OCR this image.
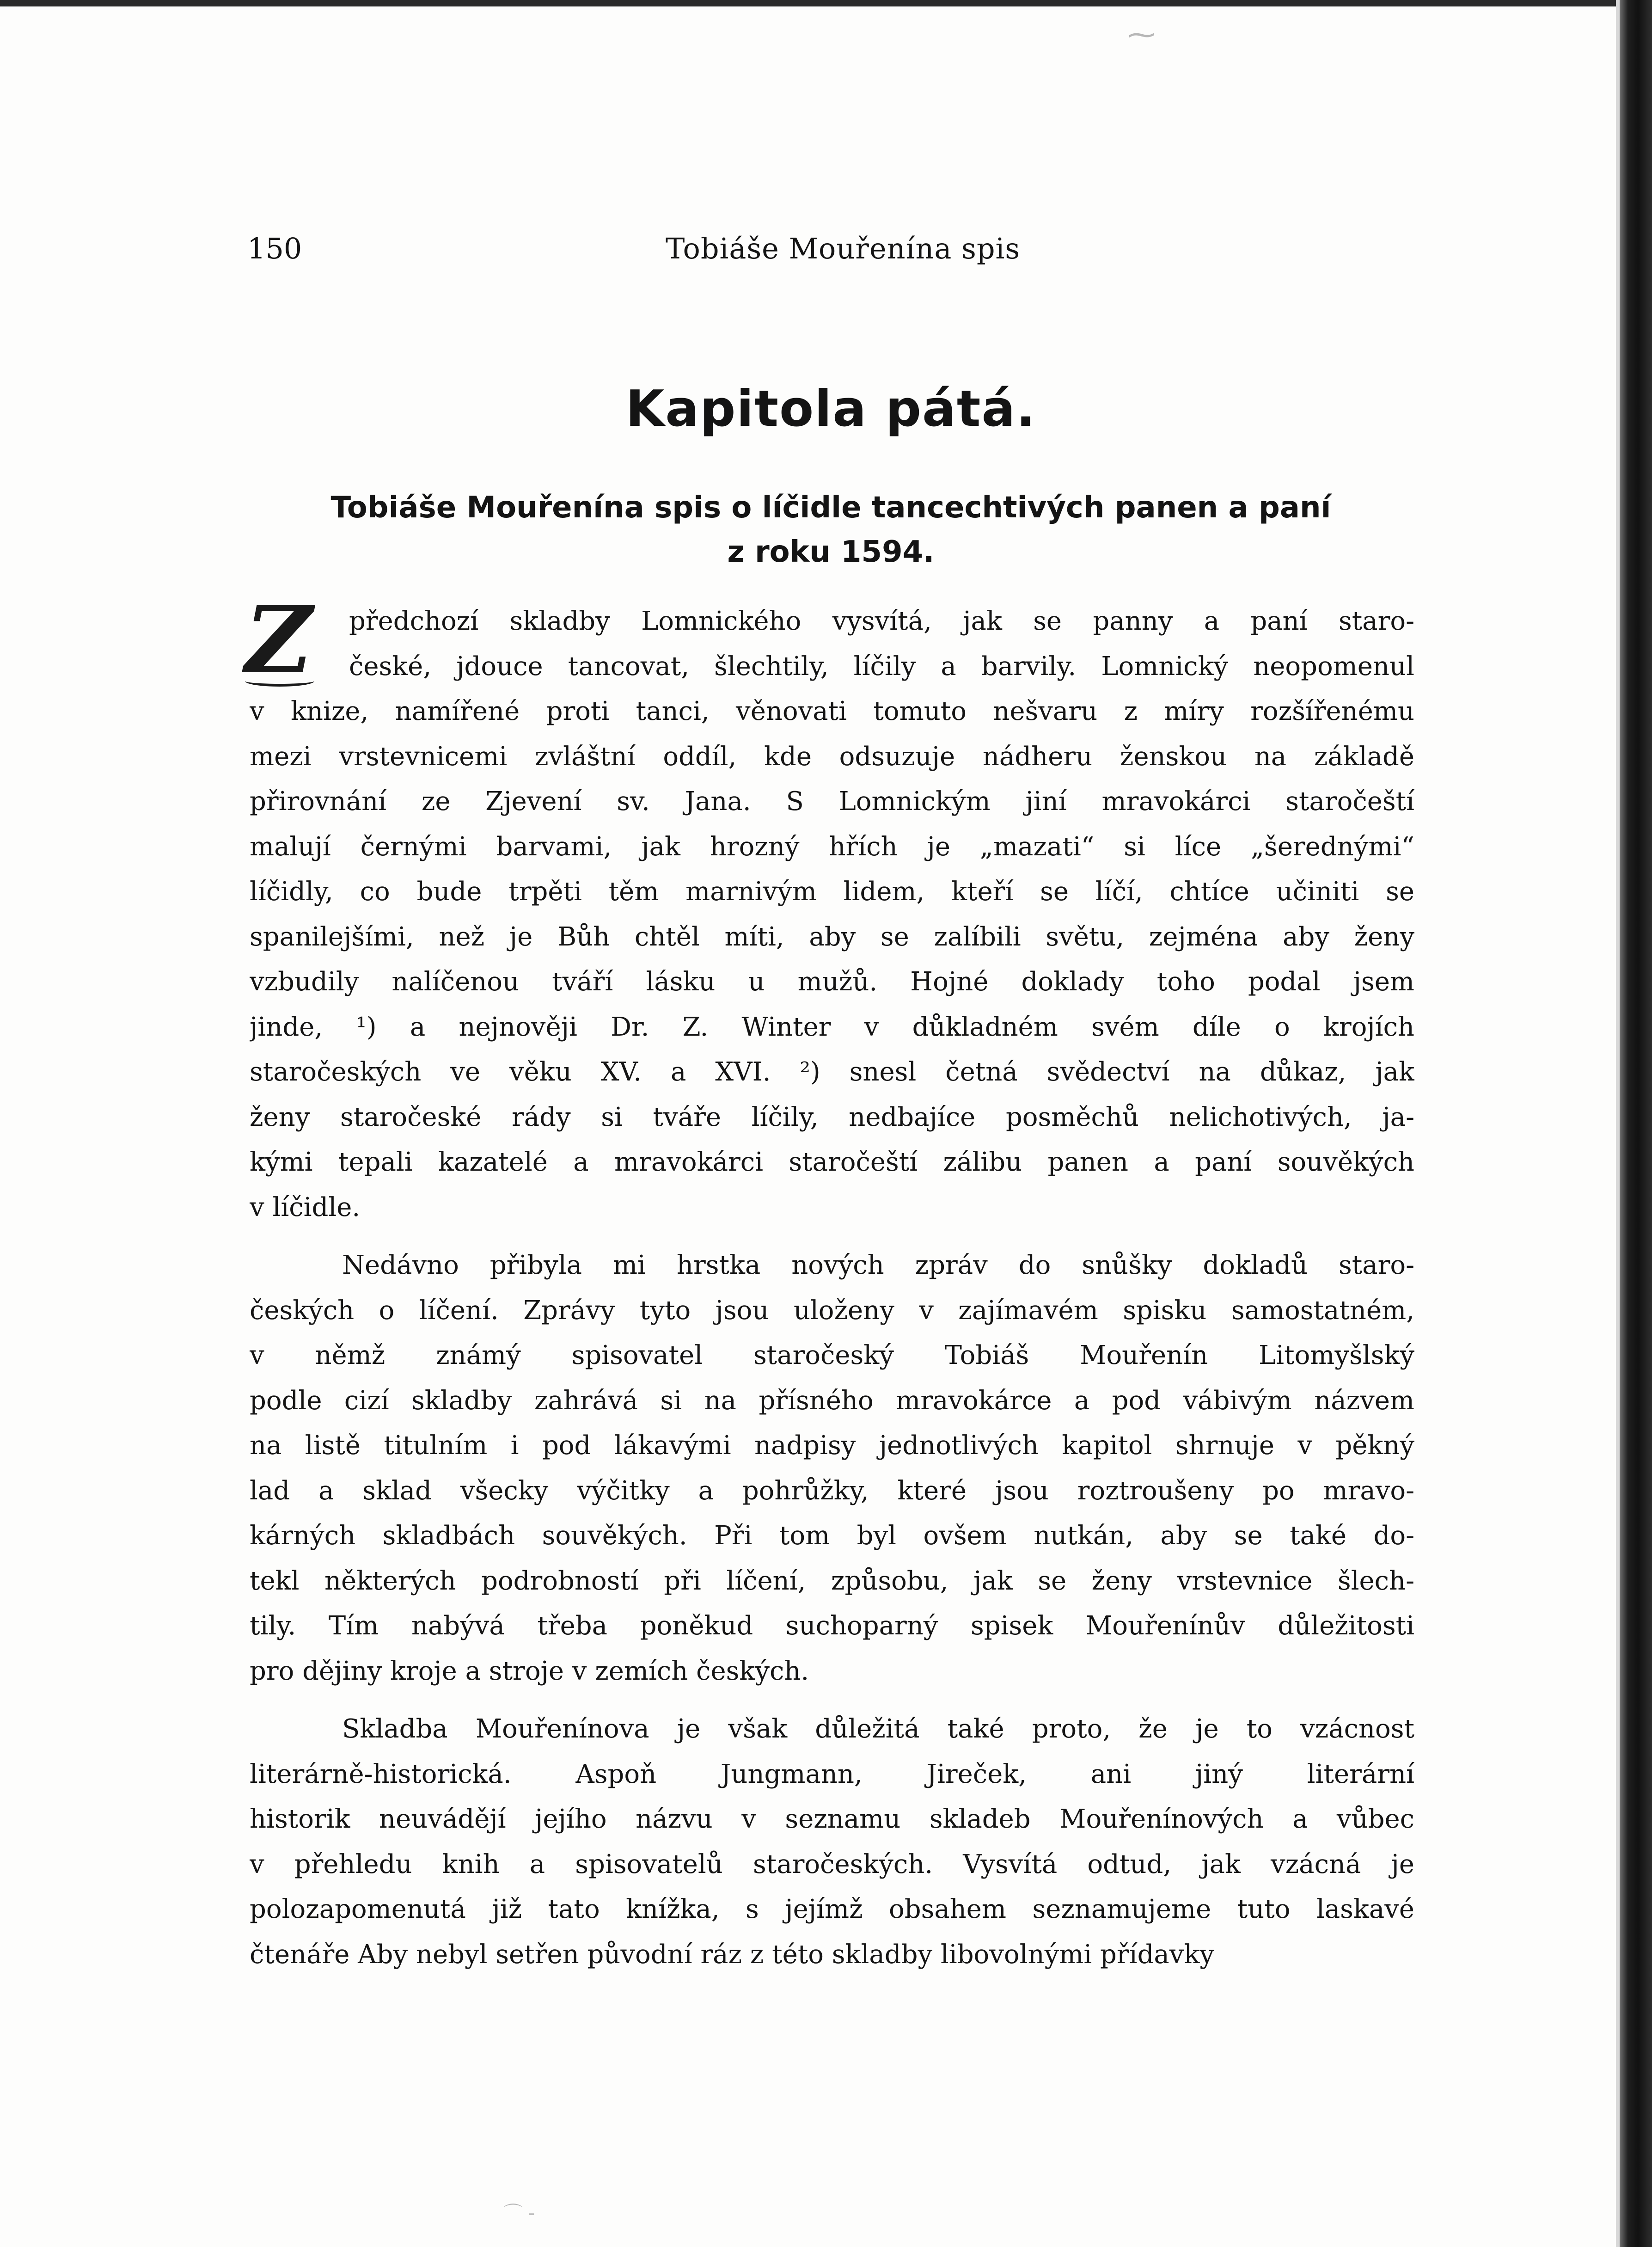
⁓
150	Tobiáše Mouřenína spis
Kapitola pátá.
Tobiáše Mouřenína spis o líčidle tancechtivých panen a paní
z roku 1594.
Z	předchozí skladby Lomnického vysvítá, jak se panny a paní staro-
české, jdouce tancovat, šlechtily, líčily a barvily. Lomnický neopomenul
v knize, namířené proti tanci, věnovati tomuto nešvaru z míry rozšířenému
mezi vrstevnicemi zvláštní oddíl, kde odsuzuje nádheru ženskou na základě
přirovnání ze Zjevení sv. Jana. S Lomnickým jiní mravokárci staročeští
malují černými barvami, jak hrozný hřích je „mazati“ si líce „šerednými“
líčidly, co bude trpěti těm marnivým lidem, kteří se líčí, chtíce učiniti se
spanilejšími, než je Bůh chtěl míti, aby se zalíbili světu, zejména aby ženy
vzbudily nalíčenou tváří lásku u mužů. Hojné doklady toho podal jsem
jinde, ¹) a nejnověji Dr. Z. Winter v důkladném svém díle o krojích
staročeských ve věku XV. a XVI. ²) snesl četná svědectví na důkaz, jak
ženy staročeské rády si tváře líčily, nedbajíce posměchů nelichotivých, ja-
kými tepali kazatelé a mravokárci staročeští zálibu panen a paní souvěkých
v líčidle.
Nedávno přibyla mi hrstka nových zpráv do snůšky dokladů staro-
českých o líčení. Zprávy tyto jsou uloženy v zajímavém spisku samostatném,
v němž známý spisovatel staročeský Tobiáš Mouřenín Litomyšlský
podle cizí skladby zahrává si na přísného mravokárce a pod vábivým názvem
na listě titulním i pod lákavými nadpisy jednotlivých kapitol shrnuje v pěkný
lad a sklad všecky výčitky a pohrůžky, které jsou roztroušeny po mravo-
kárných skladbách souvěkých. Při tom byl ovšem nutkán, aby se také do-
tekl některých podrobností při líčení, způsobu, jak se ženy vrstevnice šlech-
tily. Tím nabývá třeba poněkud suchoparný spisek Mouřenínův důležitosti
pro dějiny kroje a stroje v zemích českých.
Skladba Mouřenínova je však důležitá také proto, že je to vzácnost
literárně-historická. Aspoň Jungmann, Jireček, ani jiný literární
historik neuvádějí jejího názvu v seznamu skladeb Mouřenínových a vůbec
v přehledu knih a spisovatelů staročeských. Vysvítá odtud, jak vzácná je
polozapomenutá již tato knížka, s jejímž obsahem seznamujeme tuto laskavé
čtenáře Aby nebyl setřen původní ráz z této skladby libovolnými přídavky
⌒ ‐
